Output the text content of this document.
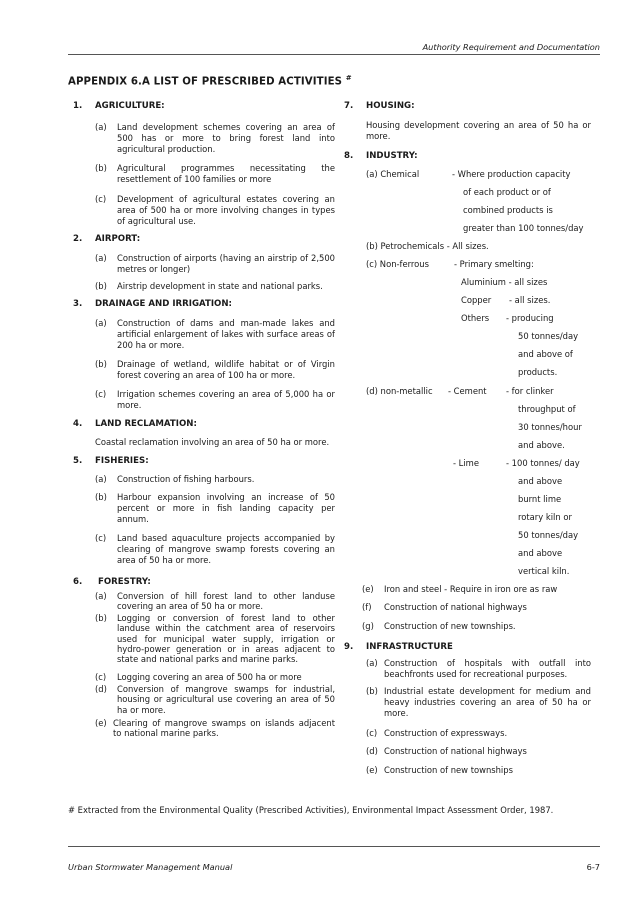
Authority Requirement and Documentation
APPENDIX 6.A LIST OF PRESCRIBED ACTIVITIES #
1. AGRICULTURE:
(a) Land development schemes covering an area of 500 has or more to bring forest land into agricultural production.
(b) Agricultural programmes necessitating the resettlement of 100 families or more
(c) Development of agricultural estates covering an area of 500 ha or more involving changes in types of agricultural use.
2. AIRPORT:
(a) Construction of airports (having an airstrip of 2,500 metres or longer)
(b) Airstrip development in state and national parks.
3. DRAINAGE AND IRRIGATION:
(a) Construction of dams and man-made lakes and artificial enlargement of lakes with surface areas of 200 ha or more.
(b) Drainage of wetland, wildlife habitat or of Virgin forest covering an area of 100 ha or more.
(c) Irrigation schemes covering an area of 5,000 ha or more.
4. LAND RECLAMATION:
Coastal reclamation involving an area of 50 ha or more.
5. FISHERIES:
(a) Construction of fishing harbours.
(b) Harbour expansion involving an increase of 50 percent or more in fish landing capacity per annum.
(c) Land based aquaculture projects accompanied by clearing of mangrove swamp forests covering an area of 50 ha or more.
6. FORESTRY:
(a) Conversion of hill forest land to other landuse covering an area of 50 ha or more.
(b) Logging or conversion of forest land to other landuse within the catchment area of reservoirs used for municipal water supply, irrigation or hydro-power generation or in areas adjacent to state and national parks and marine parks.
(c) Logging covering an area of 500 ha or more
(d) Conversion of mangrove swamps for industrial, housing or agricultural use covering an area of 50 ha or more.
(e) Clearing of mangrove swamps on islands adjacent to national marine parks.
7. HOUSING:
Housing development covering an area of 50 ha or more.
8. INDUSTRY:
(a) Chemical	- Where production capacity
of each product or of
combined products is
greater than 100 tonnes/day
(b) Petrochemicals - All sizes.
(c) Non-ferrous	- Primary smelting:
Aluminium - all sizes
Copper - all sizes.
Others - producing
50 tonnes/day
and above of
products.
(d) non-metallic - Cement - for clinker
throughput of
30 tonnes/hour
and above.
- Lime	- 100 tonnes/ day
and above
burnt lime
rotary kiln or
50 tonnes/day
and above
vertical kiln.
(e) Iron and steel - Require in iron ore as raw
(f) Construction of national highways
(g) Construction of new townships.
9. INFRASTRUCTURE
(a) Construction of hospitals with outfall into beachfronts used for recreational purposes.
(b) Industrial estate development for medium and heavy industries covering an area of 50 ha or more.
(c) Construction of expressways.
(d) Construction of national highways
(e) Construction of new townships
# Extracted from the Environmental Quality (Prescribed Activities), Environmental Impact Assessment Order, 1987.
Urban Stormwater Management Manual	6-7
